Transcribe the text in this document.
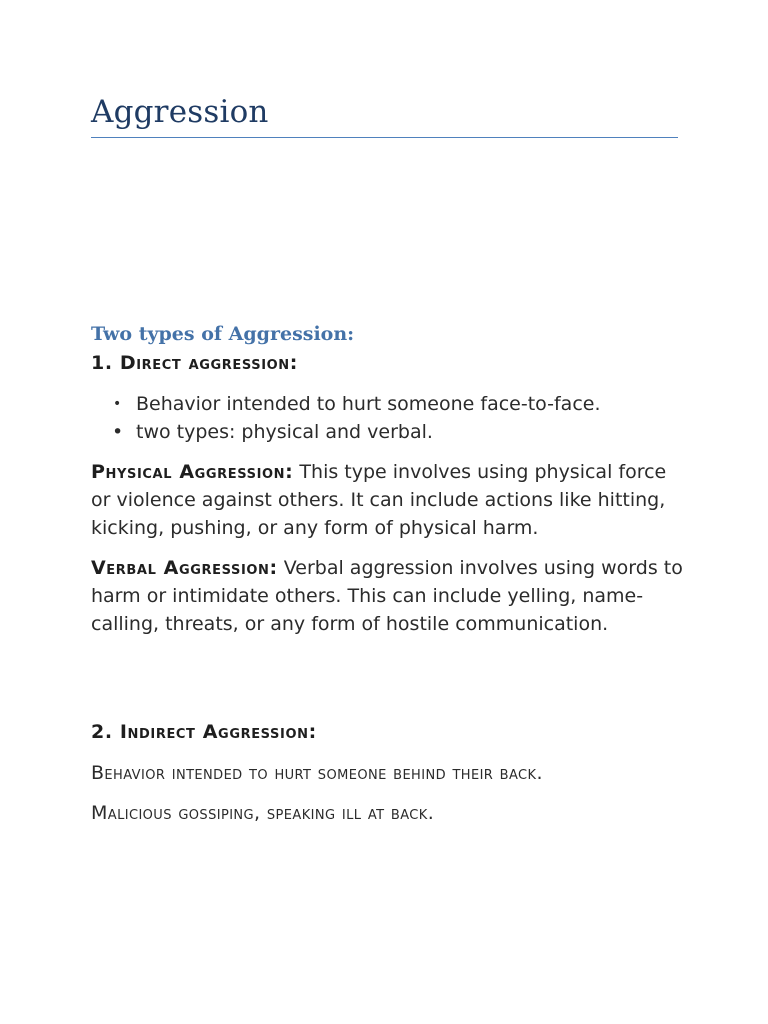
Aggression
Two types of Aggression:
1. Direct aggression:
• Behavior intended to hurt someone face-to-face.
• two types: physical and verbal.

Physical Aggression: This type involves using physical force or violence against others. It can include actions like hitting, kicking, pushing, or any form of physical harm.

Verbal Aggression: Verbal aggression involves using words to harm or intimidate others. This can include yelling, name-calling, threats, or any form of hostile communication.

2. Indirect Aggression:

Behavior intended to hurt someone behind their back.

Malicious gossiping, speaking ill at back.
